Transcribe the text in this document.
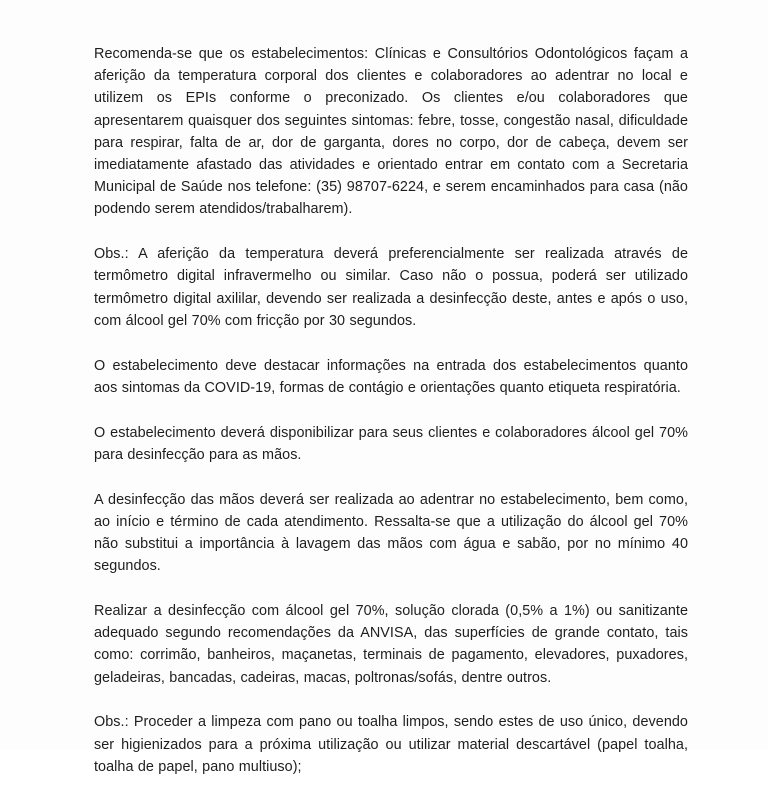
Recomenda-se que os estabelecimentos: Clínicas e Consultórios Odontológicos façam a aferição da temperatura corporal dos clientes e colaboradores ao adentrar no local e utilizem os EPIs conforme o preconizado. Os clientes e/ou colaboradores que apresentarem quaisquer dos seguintes sintomas: febre, tosse, congestão nasal, dificuldade para respirar, falta de ar, dor de garganta, dores no corpo, dor de cabeça, devem ser imediatamente afastado das atividades e orientado entrar em contato com a Secretaria Municipal de Saúde nos telefone: (35) 98707-6224, e serem encaminhados para casa (não podendo serem atendidos/trabalharem).

Obs.: A aferição da temperatura deverá preferencialmente ser realizada através de termômetro digital infravermelho ou similar. Caso não o possua, poderá ser utilizado termômetro digital axililar, devendo ser realizada a desinfecção deste, antes e após o uso, com álcool gel 70% com fricção por 30 segundos.

O estabelecimento deve destacar informações na entrada dos estabelecimentos quanto aos sintomas da COVID-19, formas de contágio e orientações quanto etiqueta respiratória.

O estabelecimento deverá disponibilizar para seus clientes e colaboradores álcool gel 70% para desinfecção para as mãos.

A desinfecção das mãos deverá ser realizada ao adentrar no estabelecimento, bem como, ao início e término de cada atendimento. Ressalta-se que a utilização do álcool gel 70% não substitui a importância à lavagem das mãos com água e sabão, por no mínimo 40 segundos.

Realizar a desinfecção com álcool gel 70%, solução clorada (0,5% a 1%) ou sanitizante adequado segundo recomendações da ANVISA, das superfícies de grande contato, tais como: corrimão, banheiros, maçanetas, terminais de pagamento, elevadores, puxadores, geladeiras, bancadas, cadeiras, macas, poltronas/sofás, dentre outros.

Obs.: Proceder a limpeza com pano ou toalha limpos, sendo estes de uso único, devendo ser higienizados para a próxima utilização ou utilizar material descartável (papel toalha, toalha de papel, pano multiuso);
